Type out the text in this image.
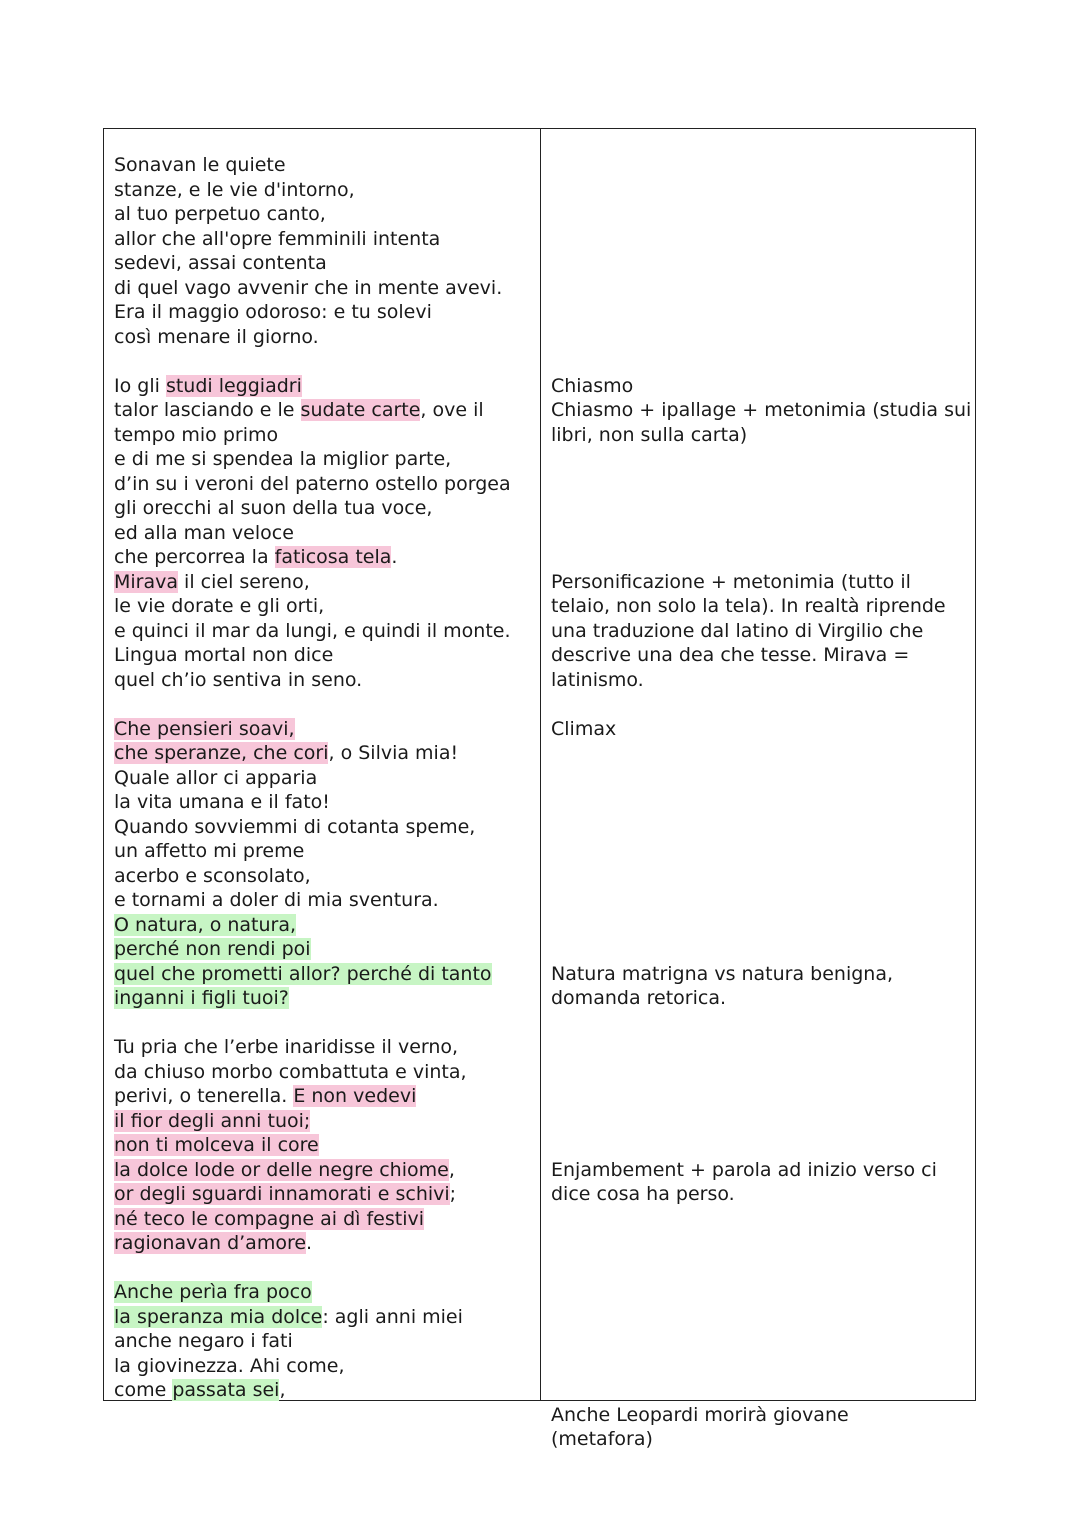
Sonavan le quiete
stanze, e le vie d'intorno,
al tuo perpetuo canto,
allor che all'opre femminili intenta
sedevi, assai contenta
di quel vago avvenir che in mente avevi.
Era il maggio odoroso: e tu solevi
così menare il giorno.
Io gli studi leggiadri
talor lasciando e le sudate carte, ove il
tempo mio primo
e di me si spendea la miglior parte,
d’in su i veroni del paterno ostello porgea
gli orecchi al suon della tua voce,
ed alla man veloce
che percorrea la faticosa tela.
Mirava il ciel sereno,
le vie dorate e gli orti,
e quinci il mar da lungi, e quindi il monte.
Lingua mortal non dice
quel ch’io sentiva in seno.
Che pensieri soavi,
che speranze, che cori, o Silvia mia!
Quale allor ci apparia
la vita umana e il fato!
Quando sovviemmi di cotanta speme,
un affetto mi preme
acerbo e sconsolato,
e tornami a doler di mia sventura.
O natura, o natura,
perché non rendi poi
quel che prometti allor? perché di tanto
inganni i figli tuoi?
Tu pria che l’erbe inaridisse il verno,
da chiuso morbo combattuta e vinta,
perivi, o tenerella. E non vedevi
il fior degli anni tuoi;
non ti molceva il core
la dolce lode or delle negre chiome,
or degli sguardi innamorati e schivi;
né teco le compagne ai dì festivi
ragionavan d’amore.
Anche perìa fra poco
la speranza mia dolce: agli anni miei
anche negaro i fati
la giovinezza. Ahi come,
come passata sei,
Chiasmo
Chiasmo + ipallage + metonimia (studia sui
libri, non sulla carta)
Personificazione + metonimia (tutto il
telaio, non solo la tela). In realtà riprende
una traduzione dal latino di Virgilio che
descrive una dea che tesse. Mirava =
latinismo.
Climax
Natura matrigna vs natura benigna,
domanda retorica.
Enjambement + parola ad inizio verso ci
dice cosa ha perso.
Anche Leopardi morirà giovane
(metafora)
